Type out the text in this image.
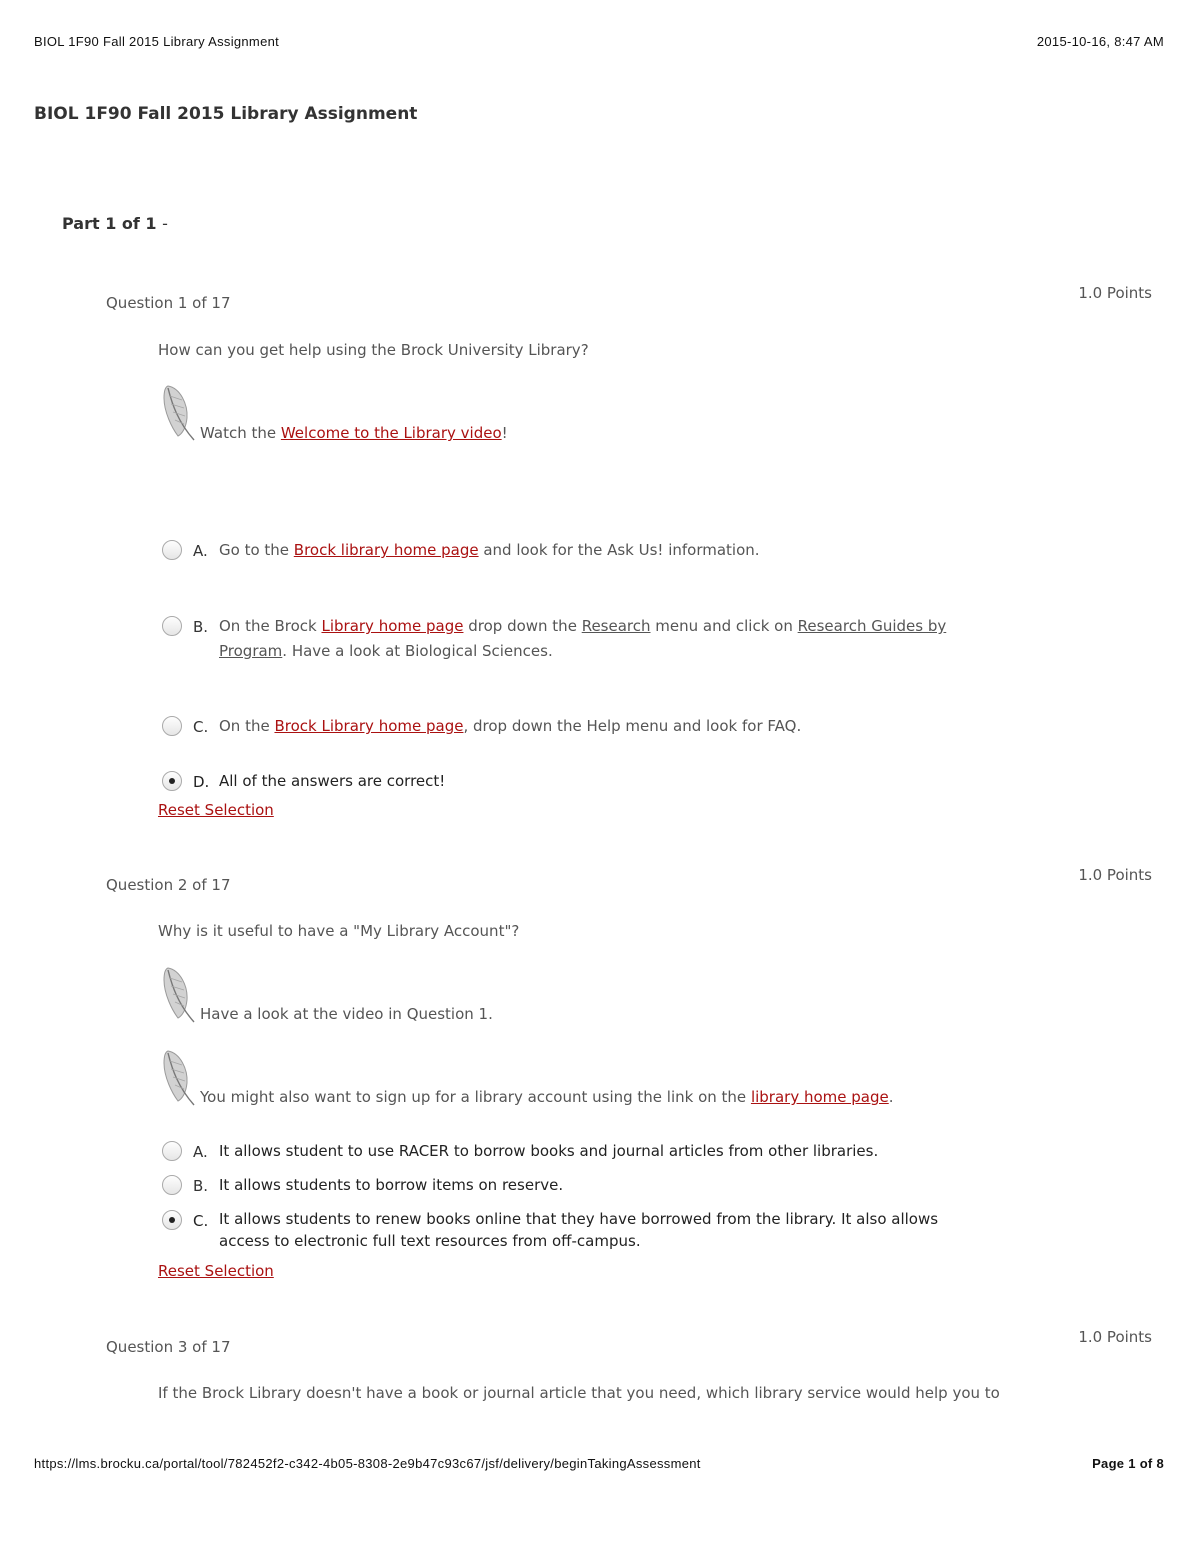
BIOL 1F90 Fall 2015 Library Assignment	2015-10-16, 8:47 AM
BIOL 1F90 Fall 2015 Library Assignment
Part 1 of 1 -
Question 1 of 17
1.0 Points

How can you get help using the Brock University Library?

Watch the Welcome to the Library video!
A. Go to the Brock library home page and look for the Ask Us! information.
B. On the Brock Library home page drop down the Research menu and click on Research Guides by Program. Have a look at Biological Sciences.
C. On the Brock Library home page, drop down the Help menu and look for FAQ.
D. All of the answers are correct!
Reset Selection
Question 2 of 17
1.0 Points

Why is it useful to have a "My Library Account"?

Have a look at the video in Question 1.
You might also want to sign up for a library account using the link on the library home page.
A. It allows student to use RACER to borrow books and journal articles from other libraries.
B. It allows students to borrow items on reserve.
C. It allows students to renew books online that they have borrowed from the library. It also allows access to electronic full text resources from off-campus.
Reset Selection
Question 3 of 17
1.0 Points

If the Brock Library doesn't have a book or journal article that you need, which library service would help you to

https://lms.brocku.ca/portal/tool/782452f2-c342-4b05-8308-2e9b47c93c67/jsf/delivery/beginTakingAssessment	Page 1 of 8
